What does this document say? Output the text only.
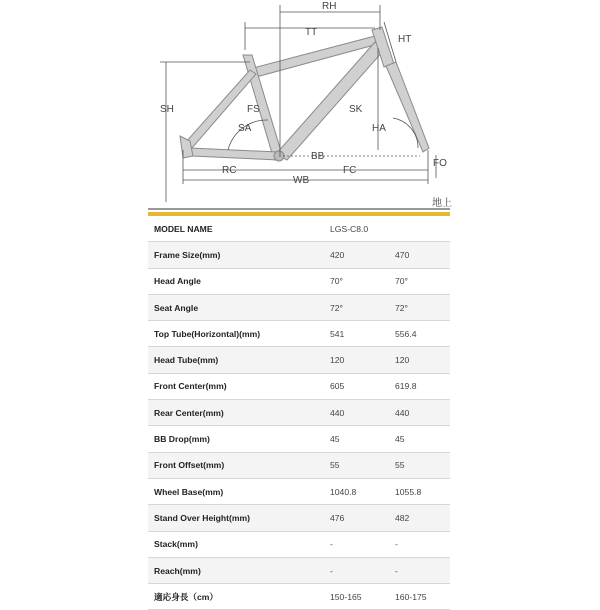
地上
RH
TT
HT
SH	FS	SK
SA	HA
BB
RC	FC
WB
FO
MODEL NAME	LGS-C8.0	
Frame Size(mm)	420	470
Head Angle	70°	70°
Seat Angle	72°	72°
Top Tube(Horizontal)(mm)	541	556.4
Head Tube(mm)	120	120
Front Center(mm)	605	619.8
Rear Center(mm)	440	440
BB Drop(mm)	45	45
Front Offset(mm)	55	55
Wheel Base(mm)	1040.8	1055.8
Stand Over Height(mm)	476	482
Stack(mm)	-	-
Reach(mm)	-	-
適応身長（cm）	150-165	160-175
